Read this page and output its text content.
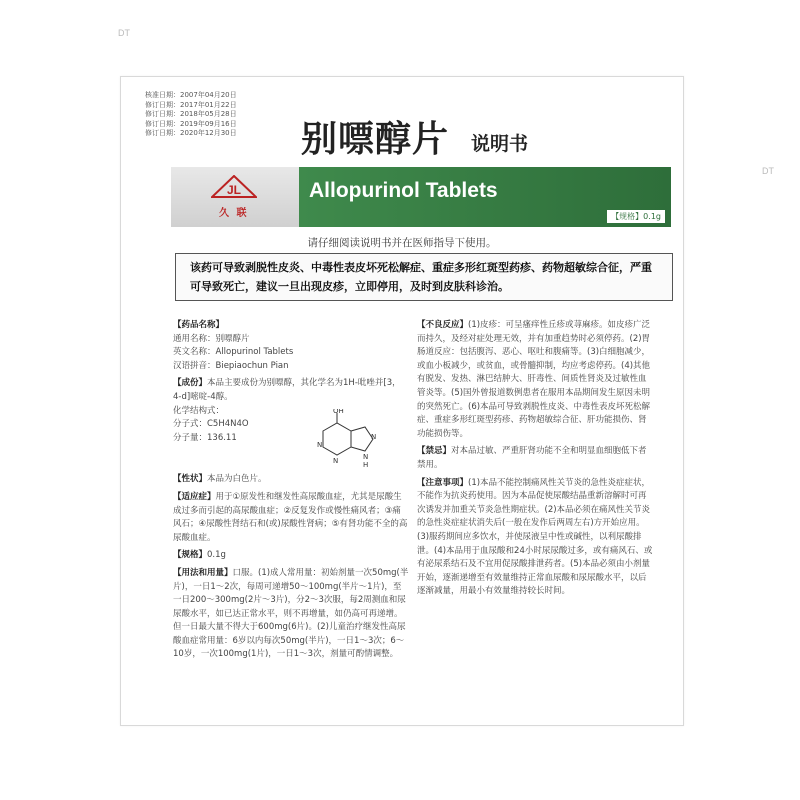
DT
DT
核准日期：2007年04月20日
修订日期：2017年01月22日
修订日期：2018年05月28日
修订日期：2019年09月16日
修订日期：2020年12月30日 别嘌醇片 说明书
JL
久 联
Allopurinol Tablets
【规格】0.1g
请仔细阅读说明书并在医师指导下使用。

该药可导致剥脱性皮炎、中毒性表皮坏死松解症、重症多形红斑型药疹、药物超敏综合征，严重可导致死亡，建议一旦出现皮疹，立即停用，及时到皮肤科诊治。

【药品名称】
通用名称：别嘌醇片
英文名称：Allopurinol Tablets
汉语拼音：Biepiaochun Pian
【成份】本品主要成份为别嘌醇，其化学名为1H-吡唑并[3，4-d]嘧啶-4醇。
化学结构式：
分子式：C5H4N4O
分子量：136.11
OH
N
N
N
N
H
【性状】本品为白色片。
【适应症】用于①原发性和继发性高尿酸血症，尤其是尿酸生成过多而引起的高尿酸血症；②反复发作或慢性痛风者；③痛风石；④尿酸性肾结石和(或)尿酸性肾病；⑤有肾功能不全的高尿酸血症。
【规格】0.1g
【用法和用量】口服。(1)成人常用量：初始剂量一次50mg(半片)，一日1～2次，每周可递增50～100mg(半片～1片)，至一日200～300mg(2片～3片)，分2～3次服，每2周测血和尿尿酸水平，如已达正常水平，则不再增量，如仍高可再递增。但一日最大量不得大于600mg(6片)。(2)儿童治疗继发性高尿酸血症常用量：6岁以内每次50mg(半片)，一日1～3次；6～10岁，一次100mg(1片)，一日1～3次，剂量可酌情调整。
【不良反应】(1)皮疹：可呈瘙痒性丘疹或荨麻疹。如皮疹广泛而持久，及经对症处理无效，并有加重趋势时必须停药。(2)胃肠道反应：包括腹泻、恶心、呕吐和腹痛等。(3)白细胞减少，或血小板减少，或贫血，或骨髓抑制，均应考虑停药。(4)其他有脱发、发热、淋巴结肿大、肝毒性、间质性肾炎及过敏性血管炎等。(5)国外曾报道数例患者在服用本品期间发生原因未明的突然死亡。(6)本品可导致剥脱性皮炎、中毒性表皮坏死松解症、重症多形红斑型药疹、药物超敏综合征、肝功能损伤、肾功能损伤等。
【禁忌】对本品过敏、严重肝肾功能不全和明显血细胞低下者禁用。
【注意事项】(1)本品不能控制痛风性关节炎的急性炎症症状，不能作为抗炎药使用。因为本品促使尿酸结晶重新溶解时可再次诱发并加重关节炎急性期症状。(2)本品必须在痛风性关节炎的急性炎症症状消失后(一般在发作后两周左右)方开始应用。(3)服药期间应多饮水，并使尿液呈中性或碱性，以利尿酸排泄。(4)本品用于血尿酸和24小时尿尿酸过多，或有痛风石、或有泌尿系结石及不宜用促尿酸排泄药者。(5)本品必须由小剂量开始，逐渐递增至有效量维持正常血尿酸和尿尿酸水平，以后逐渐减量，用最小有效量维持较长时间。
